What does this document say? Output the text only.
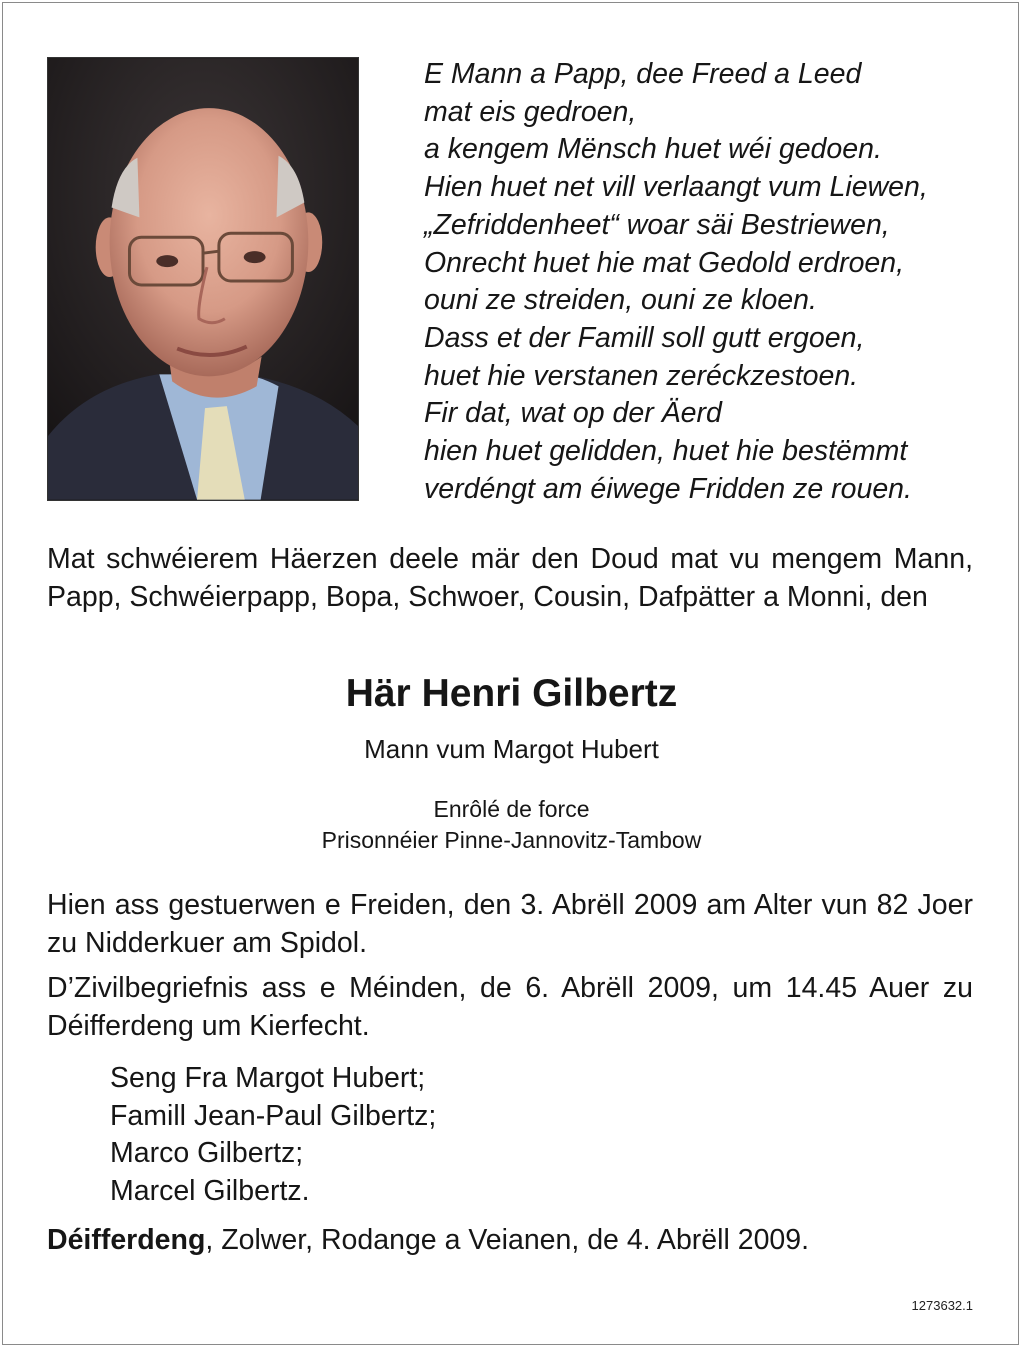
E Mann a Papp, dee Freed a Leed
mat eis gedroen,
a kengem Mënsch huet wéi gedoen.
Hien huet net vill verlaangt vum Liewen,
„Zefriddenheet“ woar säi Bestriewen,
Onrecht huet hie mat Gedold erdroen,
ouni ze streiden, ouni ze kloen.
Dass et der Famill soll gutt ergoen,
huet hie verstanen zeréckzestoen.
Fir dat, wat op der Äerd
hien huet gelidden, huet hie bestëmmt
verdéngt am éiwege Fridden ze rouen.
Mat schwéierem Häerzen deele mär den Doud mat vu mengem Mann, Papp, Schwéierpapp, Bopa, Schwoer, Cousin, Dafpätter a Monni, den
Här Henri Gilbertz
Mann vum Margot Hubert
Enrôlé de force
Prisonnéier Pinne-Jannovitz-Tambow
Hien ass gestuerwen e Freiden, den 3. Abrëll 2009 am Alter vun 82 Joer zu Nidderkuer am Spidol.
D’Zivilbegriefnis ass e Méinden, de 6. Abrëll 2009, um 14.45 Auer zu Déifferdeng um Kierfecht.
Seng Fra Margot Hubert;
Famill Jean-Paul Gilbertz;
Marco Gilbertz;
Marcel Gilbertz.
Déifferdeng, Zolwer, Rodange a Veianen, de 4. Abrëll 2009.
1273632.1
